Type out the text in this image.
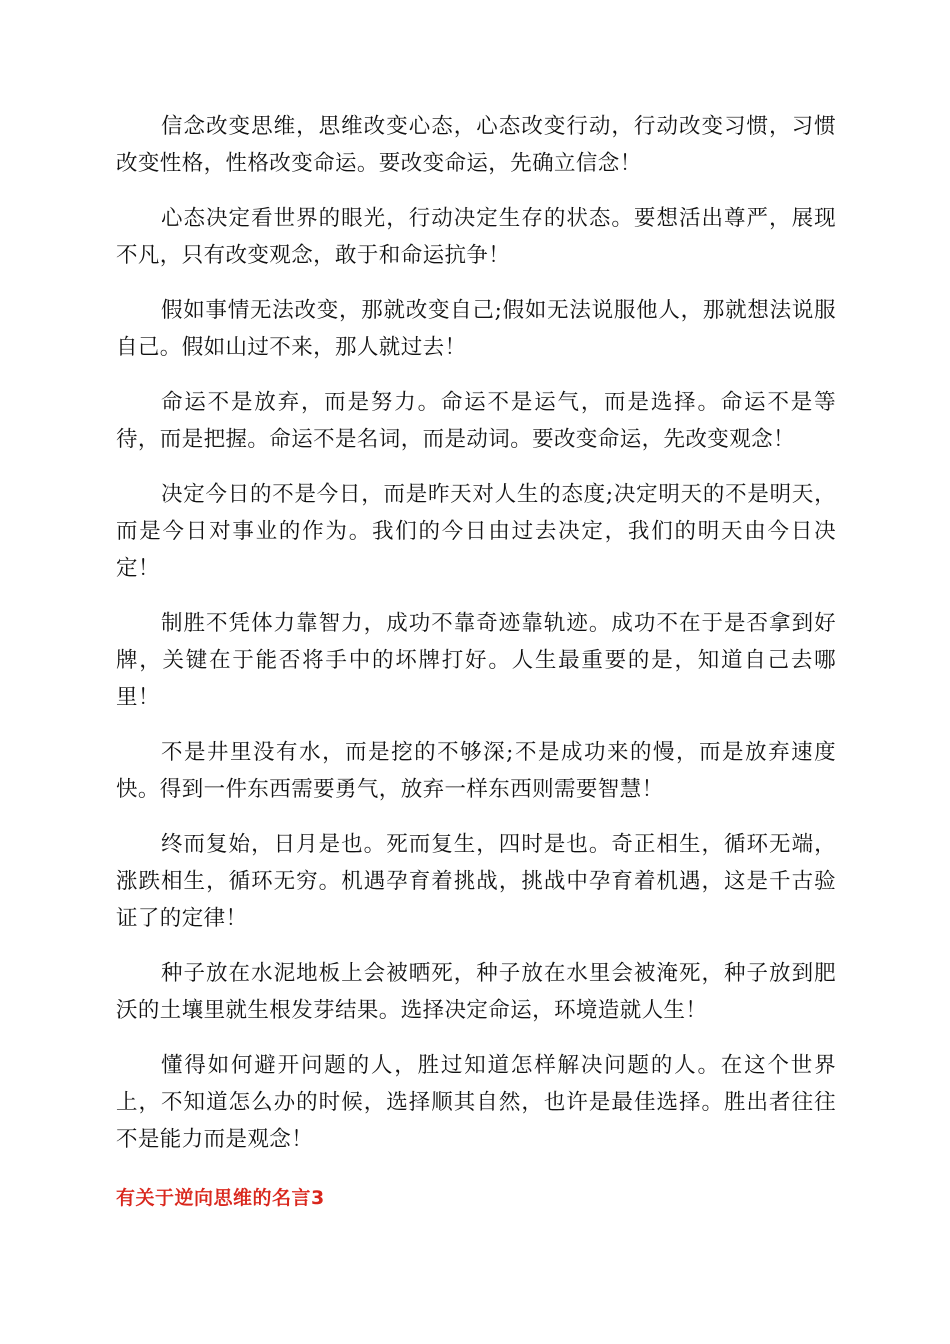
信念改变思维，思维改变心态，心态改变行动，行动改变习惯，习惯改变性格，性格改变命运。要改变命运，先确立信念！

心态决定看世界的眼光，行动决定生存的状态。要想活出尊严，展现不凡，只有改变观念，敢于和命运抗争！

假如事情无法改变，那就改变自己;假如无法说服他人，那就想法说服自己。假如山过不来，那人就过去！

命运不是放弃，而是努力。命运不是运气，而是选择。命运不是等待，而是把握。命运不是名词，而是动词。要改变命运，先改变观念！

决定今日的不是今日，而是昨天对人生的态度;决定明天的不是明天，而是今日对事业的作为。我们的今日由过去决定，我们的明天由今日决定！

制胜不凭体力靠智力，成功不靠奇迹靠轨迹。成功不在于是否拿到好牌，关键在于能否将手中的坏牌打好。人生最重要的是，知道自己去哪里！

不是井里没有水，而是挖的不够深;不是成功来的慢，而是放弃速度快。得到一件东西需要勇气，放弃一样东西则需要智慧！

终而复始，日月是也。死而复生，四时是也。奇正相生，循环无端，涨跌相生，循环无穷。机遇孕育着挑战，挑战中孕育着机遇，这是千古验证了的定律！

种子放在水泥地板上会被晒死，种子放在水里会被淹死，种子放到肥沃的土壤里就生根发芽结果。选择决定命运，环境造就人生！

懂得如何避开问题的人，胜过知道怎样解决问题的人。在这个世界上，不知道怎么办的时候，选择顺其自然，也许是最佳选择。胜出者往往不是能力而是观念！

有关于逆向思维的名言3
